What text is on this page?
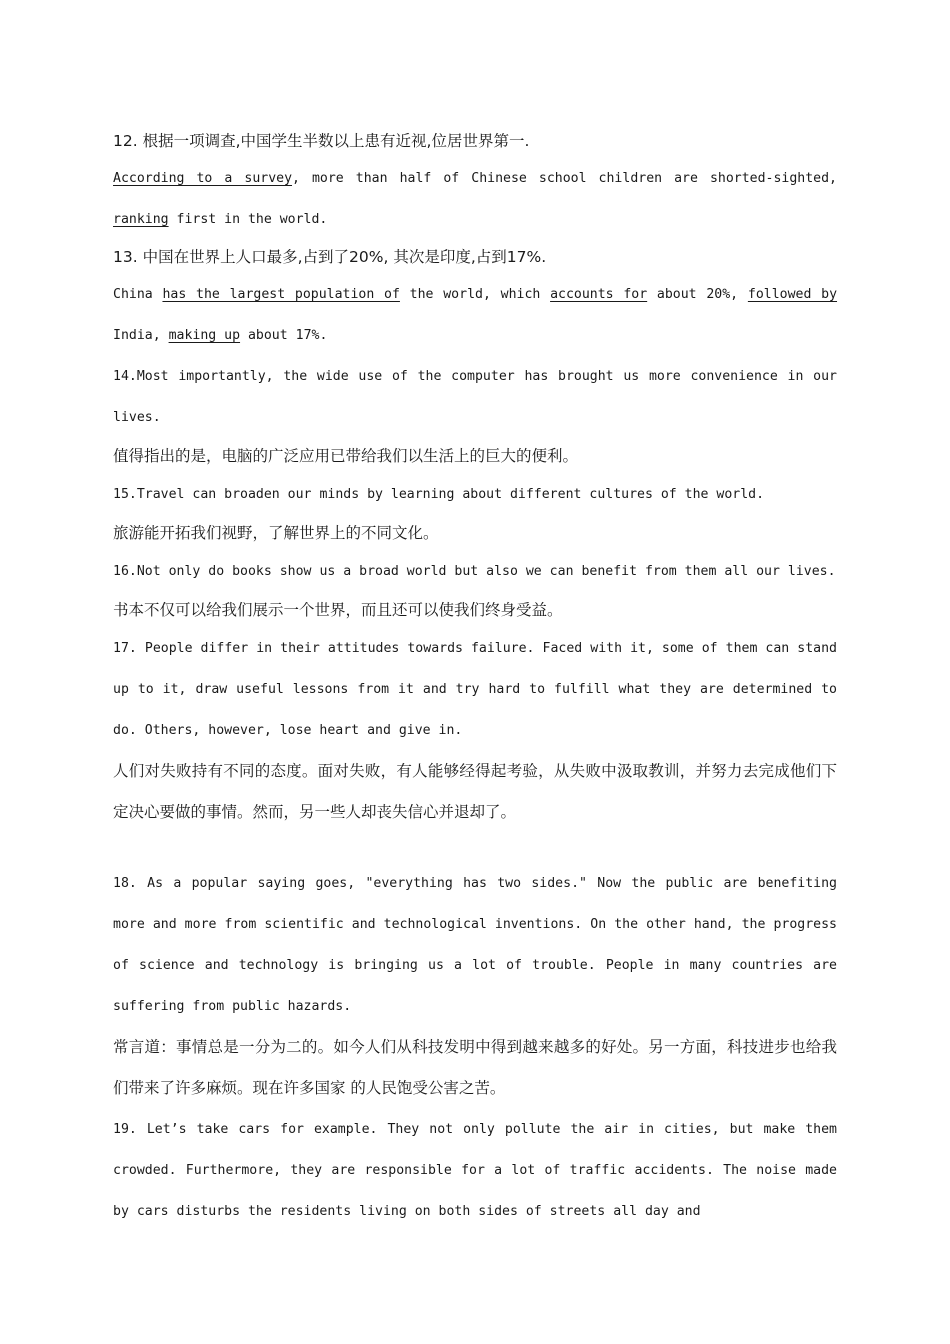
12. 根据一项调查,中国学生半数以上患有近视,位居世界第一.

According to a survey, more than half of Chinese school children are shorted-sighted, ranking first in the world.

13. 中国在世界上人口最多,占到了20%, 其次是印度,占到17%.

China has the largest population of the world, which accounts for about 20%, followed by India, making up about 17%.

14.Most importantly, the wide use of the computer has brought us more convenience in our lives.

值得指出的是，电脑的广泛应用已带给我们以生活上的巨大的便利。

15.Travel can broaden our minds by learning about different cultures of the world.

旅游能开拓我们视野，了解世界上的不同文化。

16.Not only do books show us a broad world but also we can benefit from them all our lives.

书本不仅可以给我们展示一个世界，而且还可以使我们终身受益。

17. People differ in their attitudes towards failure. Faced with it, some of them can stand up to it, draw useful lessons from it and try hard to fulfill what they are determined to do. Others, however, lose heart and give in.

人们对失败持有不同的态度。面对失败，有人能够经得起考验，从失败中汲取教训，并努力去完成他们下定决心要做的事情。然而，另一些人却丧失信心并退却了。

18. As a popular saying goes, "everything has two sides." Now the public are benefiting more and more from scientific and technological inventions. On the other hand, the progress of science and technology is bringing us a lot of trouble. People in many countries are suffering from public hazards.

常言道：事情总是一分为二的。如今人们从科技发明中得到越来越多的好处。另一方面，科技进步也给我们带来了许多麻烦。现在许多国家 的人民饱受公害之苦。

19. Let’s take cars for example. They not only pollute the air in cities, but make them crowded. Furthermore, they are responsible for a lot of traffic accidents. The noise made by cars disturbs the residents living on both sides of streets all day and
